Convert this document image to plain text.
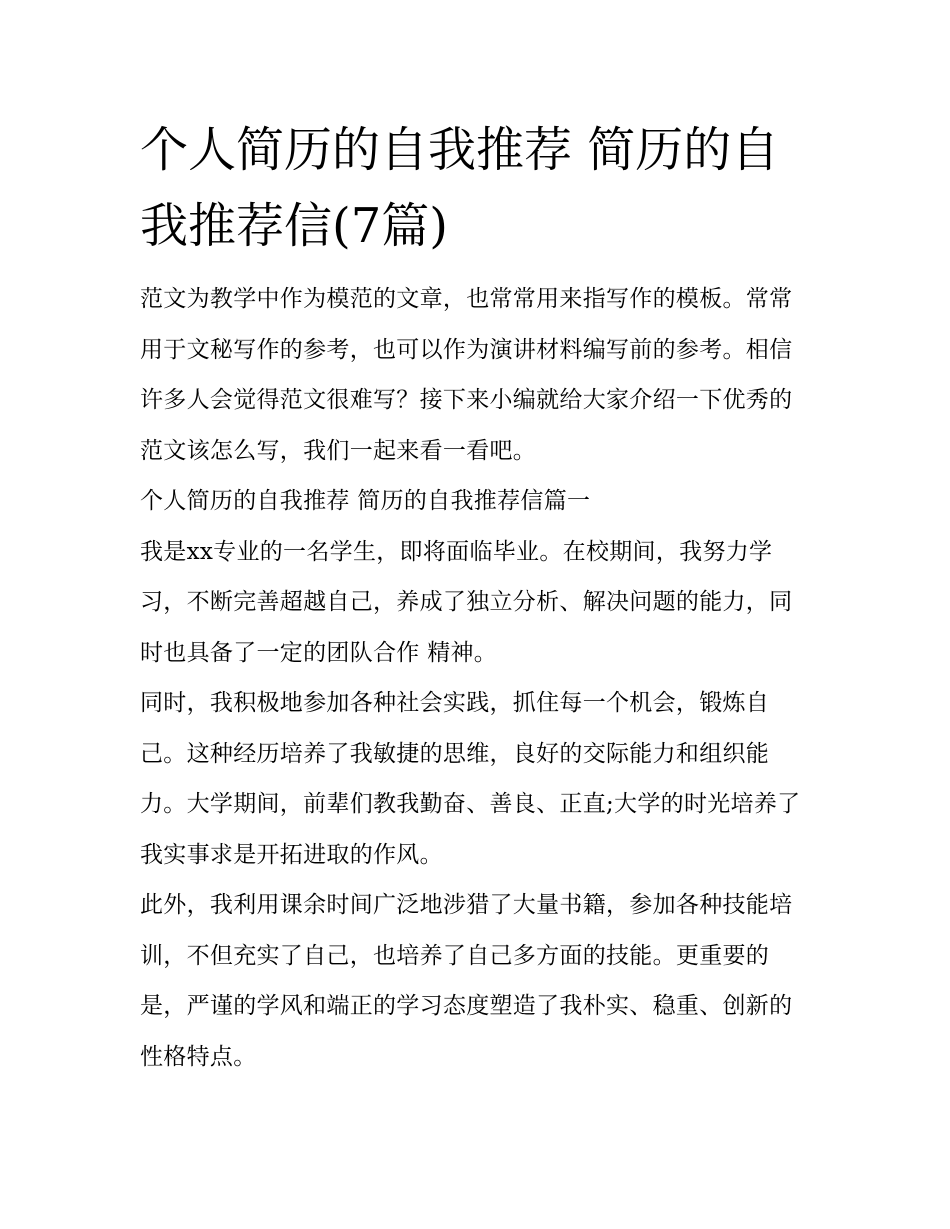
个人简历的自我推荐 简历的自我推荐信(7篇)

范文为教学中作为模范的文章，也常常用来指写作的模板。常常用于文秘写作的参考，也可以作为演讲材料编写前的参考。相信许多人会觉得范文很难写？接下来小编就给大家介绍一下优秀的范文该怎么写，我们一起来看一看吧。

个人简历的自我推荐 简历的自我推荐信篇一

我是xx专业的一名学生，即将面临毕业。在校期间，我努力学习，不断完善超越自己，养成了独立分析、解决问题的能力，同时也具备了一定的团队合作 精神。

同时，我积极地参加各种社会实践，抓住每一个机会，锻炼自己。这种经历培养了我敏捷的思维，良好的交际能力和组织能力。大学期间，前辈们教我勤奋、善良、正直;大学的时光培养了我实事求是开拓进取的作风。

此外，我利用课余时间广泛地涉猎了大量书籍，参加各种技能培训，不但充实了自己，也培养了自己多方面的技能。更重要的是，严谨的学风和端正的学习态度塑造了我朴实、稳重、创新的性格特点。
